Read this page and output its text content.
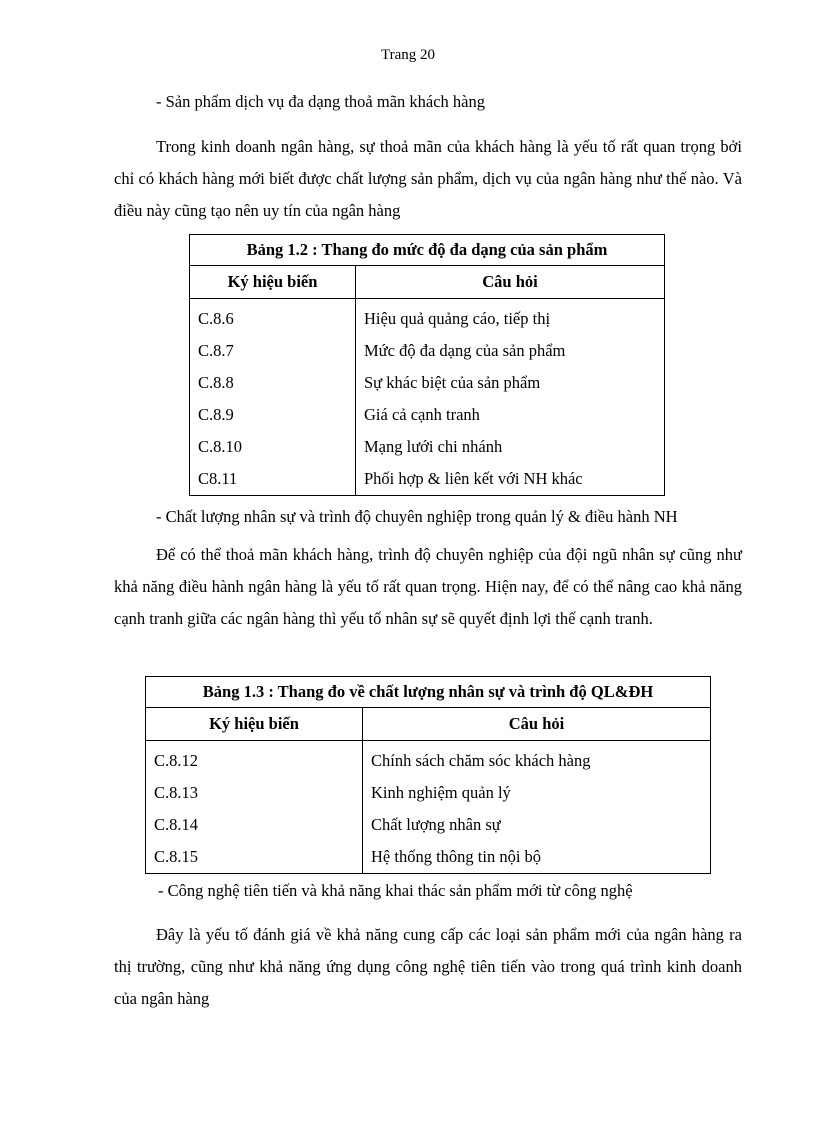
Trang 20

- Sản phẩm dịch vụ đa dạng thoả mãn khách hàng

Trong kinh doanh ngân hàng, sự thoả mãn của khách hàng là yếu tố rất quan trọng bởi chỉ có khách hàng mới biết được chất lượng sản phẩm, dịch vụ của ngân hàng như thế nào. Và điều này cũng tạo nên uy tín của ngân hàng

Bảng 1.2 : Thang đo mức độ đa dạng của sản phẩm	
Ký hiệu biến	Câu hỏi
C.8.6	Hiệu quả quảng cáo, tiếp thị
C.8.7	Mức độ đa dạng của sản phẩm
C.8.8	Sự khác biệt của sản phẩm
C.8.9	Giá cả cạnh tranh
C.8.10	Mạng lưới chi nhánh
C8.11	Phối hợp & liên kết với NH khác

- Chất lượng nhân sự và trình độ chuyên nghiệp trong quản lý & điều hành NH

Để có thể thoả mãn khách hàng, trình độ chuyên nghiệp của đội ngũ nhân sự cũng như khả năng điều hành ngân hàng là yếu tố rất quan trọng. Hiện nay, để có thể nâng cao khả năng cạnh tranh giữa các ngân hàng thì yếu tố nhân sự sẽ quyết định lợi thế cạnh tranh.

Bảng 1.3 : Thang đo về chất lượng nhân sự và trình độ QL&ĐH	
Ký hiệu biến	Câu hỏi
C.8.12	Chính sách chăm sóc khách hàng
C.8.13	Kinh nghiệm quản lý
C.8.14	Chất lượng nhân sự
C.8.15	Hệ thống thông tin nội bộ

- Công nghệ tiên tiến và khả năng khai thác sản phẩm mới từ công nghệ

Đây là yếu tố đánh giá về khả năng cung cấp các loại sản phẩm mới của ngân hàng ra thị trường, cũng như khả năng ứng dụng công nghệ tiên tiến vào trong quá trình kinh doanh của ngân hàng
